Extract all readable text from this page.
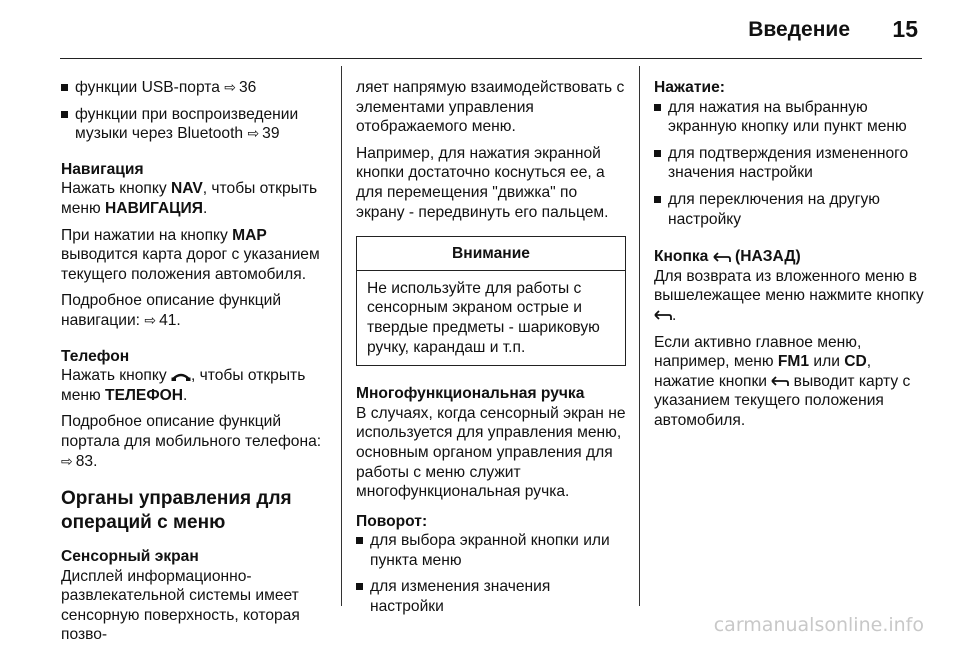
Введение 15
функции USB-порта ⇨ 36
функции при воспроизведении музыки через Bluetooth ⇨ 39
Навигация
Нажать кнопку NAV, чтобы открыть меню НАВИГАЦИЯ.
При нажатии на кнопку MAP выводится карта дорог с указанием текущего положения автомобиля.
Подробное описание функций навигации: ⇨ 41.
Телефон
Нажать кнопку , чтобы открыть меню ТЕЛЕФОН.
Подробное описание функций портала для мобильного телефона: ⇨ 83.
Органы управления для операций с меню
Сенсорный экран
Дисплей информационно-развлекательной системы имеет сенсорную поверхность, которая позво-
ляет напрямую взаимодействовать с элементами управления отображаемого меню.
Например, для нажатия экранной кнопки достаточно коснуться ее, а для перемещения "движка" по экрану - передвинуть его пальцем.
Внимание
Не используйте для работы с сенсорным экраном острые и твердые предметы - шариковую ручку, карандаш и т.п.
Многофункциональная ручка
В случаях, когда сенсорный экран не используется для управления меню, основным органом управления для работы с меню служит многофункциональная ручка.
Поворот:
для выбора экранной кнопки или пункта меню
для изменения значения настройки
Нажатие:
для нажатия на выбранную экранную кнопку или пункт меню
для подтверждения измененного значения настройки
для переключения на другую настройку
Кнопка  (НАЗАД)
Для возврата из вложенного меню в вышележащее меню нажмите кнопку .
Если активно главное меню, например, меню FM1 или CD, нажатие кнопки  выводит карту с указанием текущего положения автомобиля.
carmanualsonline.info
